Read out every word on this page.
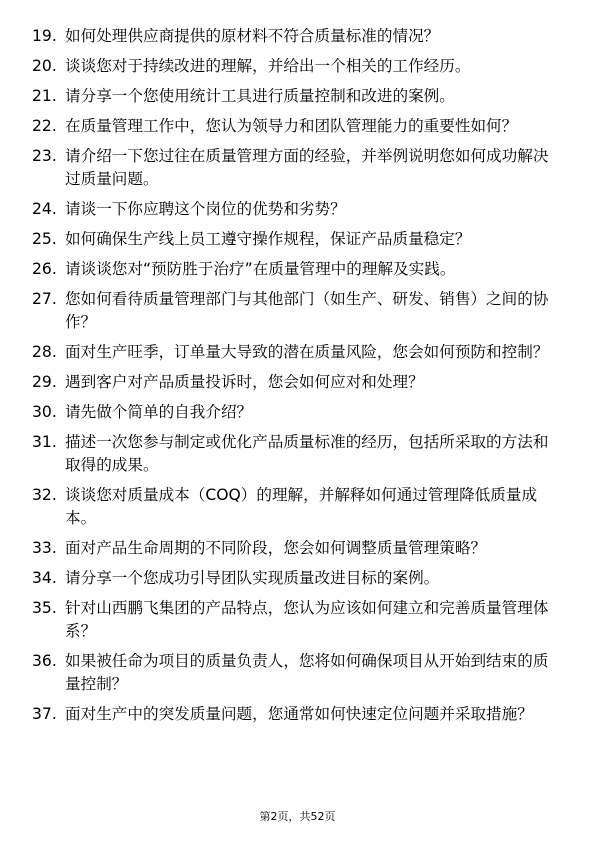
19. 如何处理供应商提供的原材料不符合质量标准的情况？
20. 谈谈您对于持续改进的理解，并给出一个相关的工作经历。
21. 请分享一个您使用统计工具进行质量控制和改进的案例。
22. 在质量管理工作中，您认为领导力和团队管理能力的重要性如何？
23. 请介绍一下您过往在质量管理方面的经验，并举例说明您如何成功解决过质量问题。
24. 请谈一下你应聘这个岗位的优势和劣势？
25. 如何确保生产线上员工遵守操作规程，保证产品质量稳定？
26. 请谈谈您对“预防胜于治疗”在质量管理中的理解及实践。
27. 您如何看待质量管理部门与其他部门（如生产、研发、销售）之间的协作？
28. 面对生产旺季，订单量大导致的潜在质量风险，您会如何预防和控制？
29. 遇到客户对产品质量投诉时，您会如何应对和处理？
30. 请先做个简单的自我介绍？
31. 描述一次您参与制定或优化产品质量标准的经历，包括所采取的方法和取得的成果。
32. 谈谈您对质量成本（COQ）的理解，并解释如何通过管理降低质量成本。
33. 面对产品生命周期的不同阶段，您会如何调整质量管理策略？
34. 请分享一个您成功引导团队实现质量改进目标的案例。
35. 针对山西鹏飞集团的产品特点，您认为应该如何建立和完善质量管理体系？
36. 如果被任命为项目的质量负责人，您将如何确保项目从开始到结束的质量控制？
37. 面对生产中的突发质量问题，您通常如何快速定位问题并采取措施？
第2页，共52页
